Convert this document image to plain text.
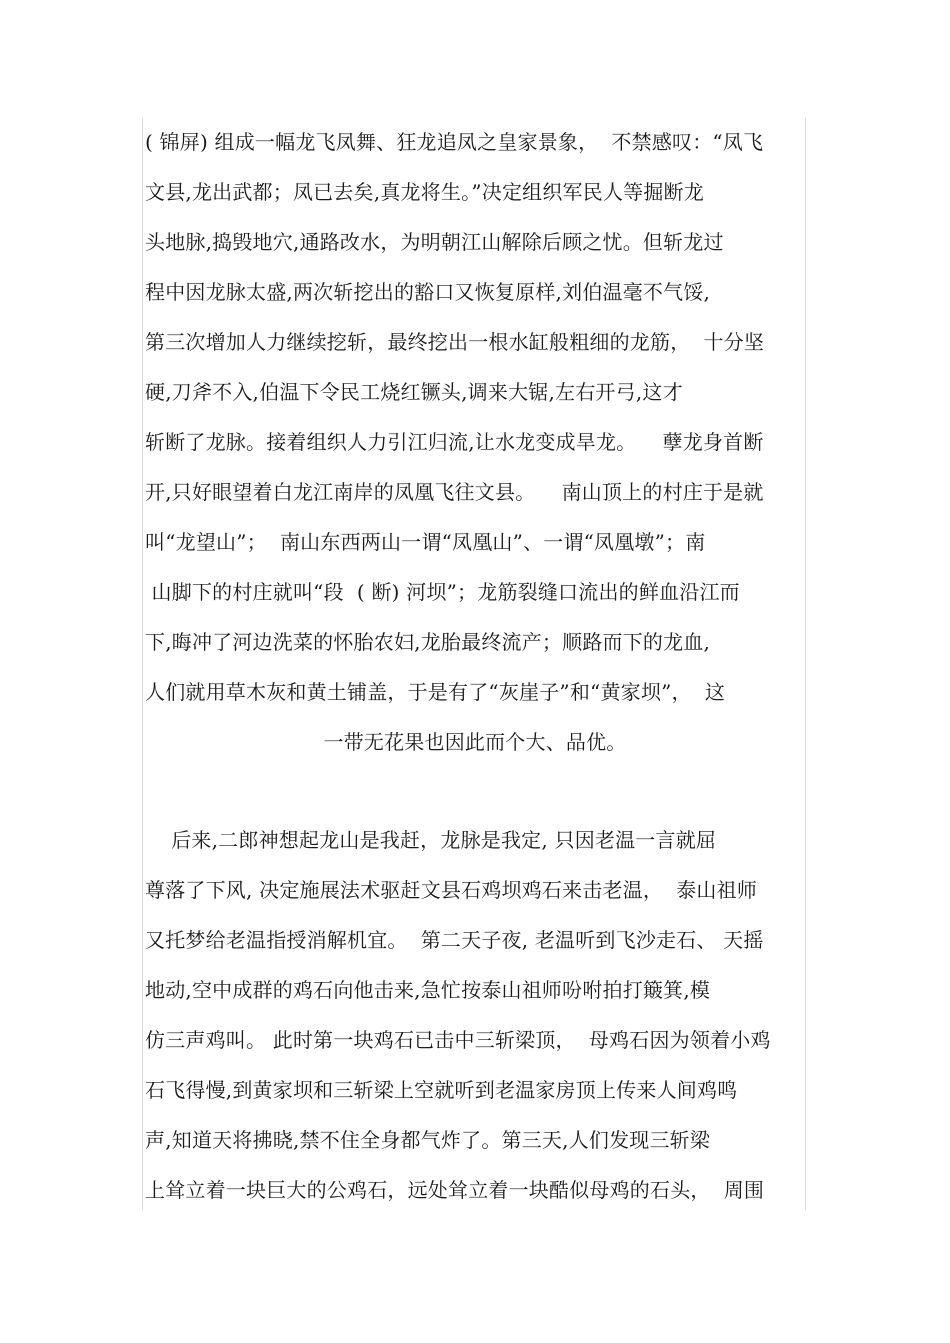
( 锦屏) 组成一幅龙飞凤舞、狂龙追凤之皇家景象，  不禁感叹：“凤飞
文县,龙出武都；凤已去矣,真龙将生。”决定组织军民人等掘断龙
头地脉,捣毁地穴,通路改水，为明朝江山解除后顾之忧。但斩龙过
程中因龙脉太盛,两次斩挖出的豁口又恢复原样,刘伯温毫不气馁,
第三次增加人力继续挖斩，最终挖出一根水缸般粗细的龙筋，  十分坚
硬,刀斧不入,伯温下令民工烧红镢头,调来大锯,左右开弓,这才
斩断了龙脉。接着组织人力引江归流,让水龙变成旱龙。    孽龙身首断
开,只好眼望着白龙江南岸的凤凰飞往文县。    南山顶上的村庄于是就
叫“龙望山”；  南山东西两山一谓“凤凰山”、一谓“凤凰墩”；南
山脚下的村庄就叫“段  ( 断) 河坝”；龙筋裂缝口流出的鲜血沿江而
下,晦冲了河边洗菜的怀胎农妇,龙胎最终流产；顺路而下的龙血,
人们就用草木灰和黄土铺盖，于是有了“灰崖子”和“黄家坝”，  这
一带无花果也因此而个大、品优。
后来,二郎神想起龙山是我赶，龙脉是我定, 只因老温一言就屈
尊落了下风, 决定施展法术驱赶文县石鸡坝鸡石来击老温，  泰山祖师
又托梦给老温指授消解机宜。  第二天子夜, 老温听到飞沙走石、 天摇
地动,空中成群的鸡石向他击来,急忙按泰山祖师吩咐拍打簸箕,模
仿三声鸡叫。 此时第一块鸡石已击中三斩梁顶，  母鸡石因为领着小鸡
石飞得慢,到黄家坝和三斩梁上空就听到老温家房顶上传来人间鸡鸣
声,知道天将拂晓,禁不住全身都气炸了。第三天,人们发现三斩梁
上耸立着一块巨大的公鸡石，远处耸立着一块酷似母鸡的石头，  周围
